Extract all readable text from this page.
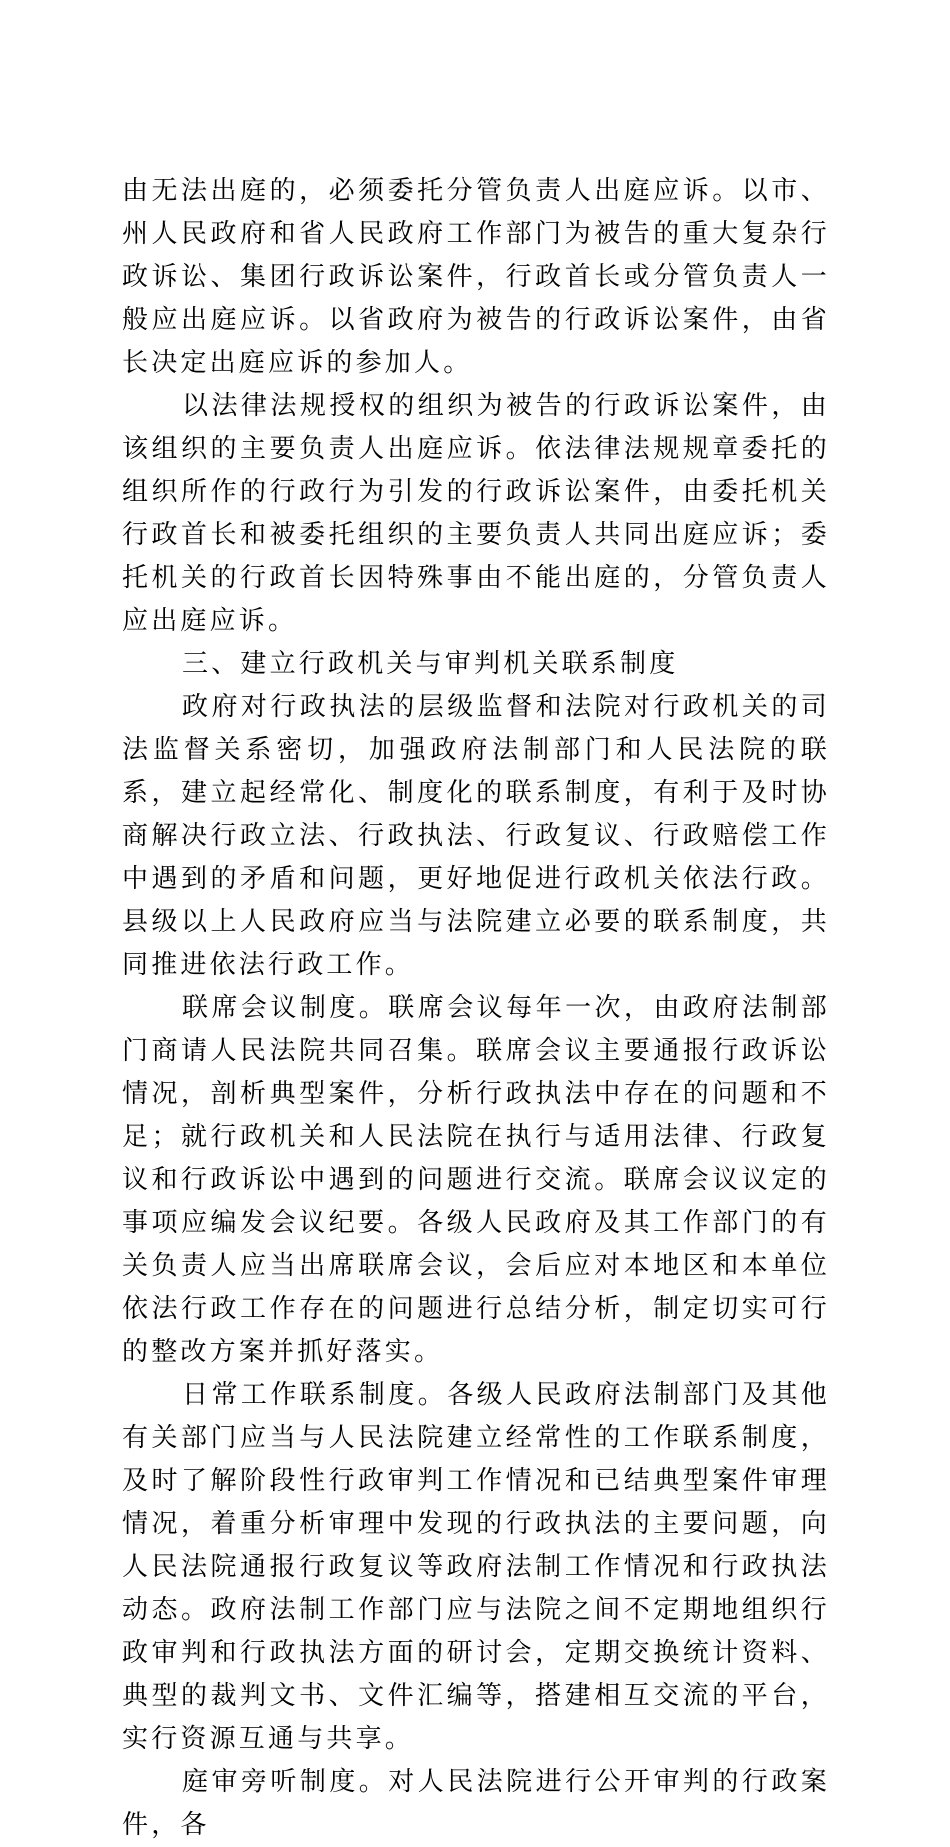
由无法出庭的，必须委托分管负责人出庭应诉。以市、州人民政府和省人民政府工作部门为被告的重大复杂行政诉讼、集团行政诉讼案件，行政首长或分管负责人一般应出庭应诉。以省政府为被告的行政诉讼案件，由省长决定出庭应诉的参加人。

以法律法规授权的组织为被告的行政诉讼案件，由该组织的主要负责人出庭应诉。依法律法规规章委托的组织所作的行政行为引发的行政诉讼案件，由委托机关行政首长和被委托组织的主要负责人共同出庭应诉；委托机关的行政首长因特殊事由不能出庭的，分管负责人应出庭应诉。

三、建立行政机关与审判机关联系制度

政府对行政执法的层级监督和法院对行政机关的司法监督关系密切，加强政府法制部门和人民法院的联系，建立起经常化、制度化的联系制度，有利于及时协商解决行政立法、行政执法、行政复议、行政赔偿工作中遇到的矛盾和问题，更好地促进行政机关依法行政。县级以上人民政府应当与法院建立必要的联系制度，共同推进依法行政工作。

联席会议制度。联席会议每年一次，由政府法制部门商请人民法院共同召集。联席会议主要通报行政诉讼情况，剖析典型案件，分析行政执法中存在的问题和不足；就行政机关和人民法院在执行与适用法律、行政复议和行政诉讼中遇到的问题进行交流。联席会议议定的事项应编发会议纪要。各级人民政府及其工作部门的有关负责人应当出席联席会议，会后应对本地区和本单位依法行政工作存在的问题进行总结分析，制定切实可行的整改方案并抓好落实。

日常工作联系制度。各级人民政府法制部门及其他有关部门应当与人民法院建立经常性的工作联系制度，及时了解阶段性行政审判工作情况和已结典型案件审理情况，着重分析审理中发现的行政执法的主要问题，向人民法院通报行政复议等政府法制工作情况和行政执法动态。政府法制工作部门应与法院之间不定期地组织行政审判和行政执法方面的研讨会，定期交换统计资料、典型的裁判文书、文件汇编等，搭建相互交流的平台，实行资源互通与共享。

庭审旁听制度。对人民法院进行公开审判的行政案件，各
